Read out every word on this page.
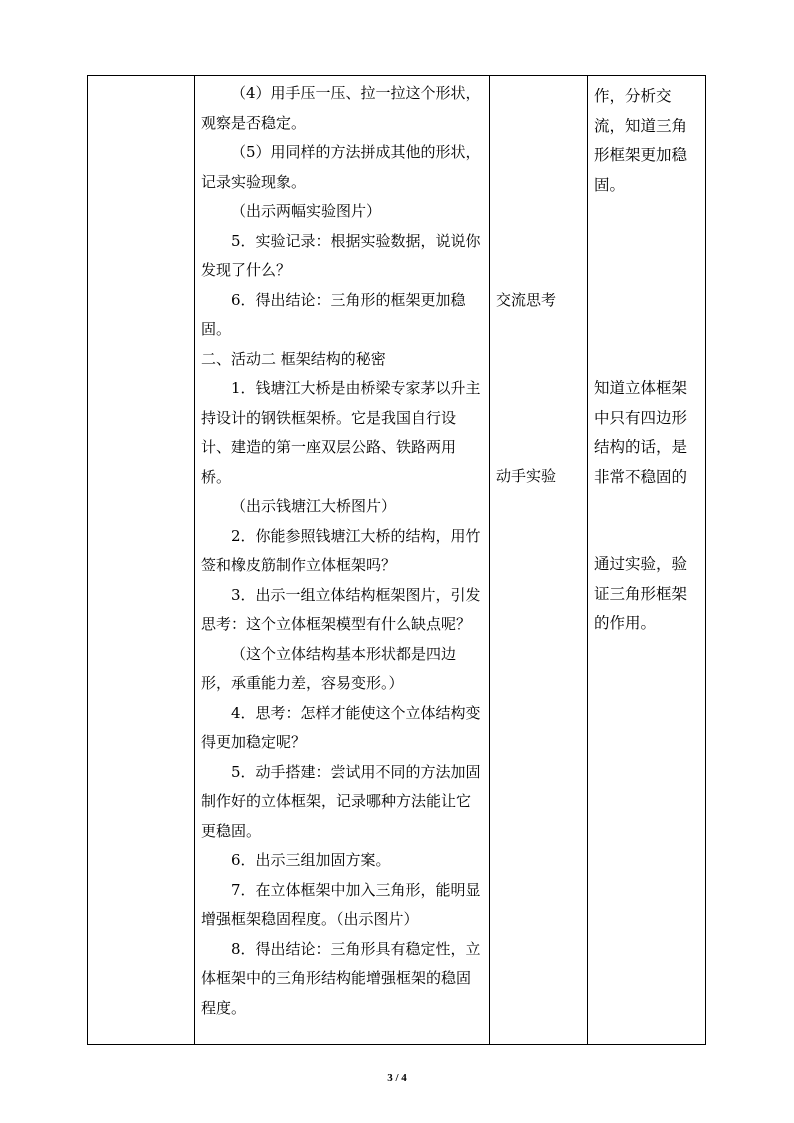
（4）用手压一压、拉一拉这个形状，观察是否稳定。

（5）用同样的方法拼成其他的形状，记录实验现象。

（出示两幅实验图片）

5．实验记录：根据实验数据，说说你发现了什么？

6．得出结论：三角形的框架更加稳固。

二、活动二 框架结构的秘密

1．钱塘江大桥是由桥梁专家茅以升主持设计的钢铁框架桥。它是我国自行设计、建造的第一座双层公路、铁路两用桥。

（出示钱塘江大桥图片）

2．你能参照钱塘江大桥的结构，用竹签和橡皮筋制作立体框架吗？

3．出示一组立体结构框架图片，引发思考：这个立体框架模型有什么缺点呢？

（这个立体结构基本形状都是四边形，承重能力差，容易变形。）

4．思考：怎样才能使这个立体结构变得更加稳定呢？

5．动手搭建：尝试用不同的方法加固制作好的立体框架，记录哪种方法能让它更稳固。

6．出示三组加固方案。

7．在立体框架中加入三角形，能明显增强框架稳固程度。（出示图片）

8．得出结论：三角形具有稳定性，立体框架中的三角形结构能增强框架的稳固程度。

交流思考

动手实验

作，分析交流，知道三角形框架更加稳固。

知道立体框架中只有四边形结构的话，是非常不稳固的

通过实验，验证三角形框架的作用。

3 / 4
